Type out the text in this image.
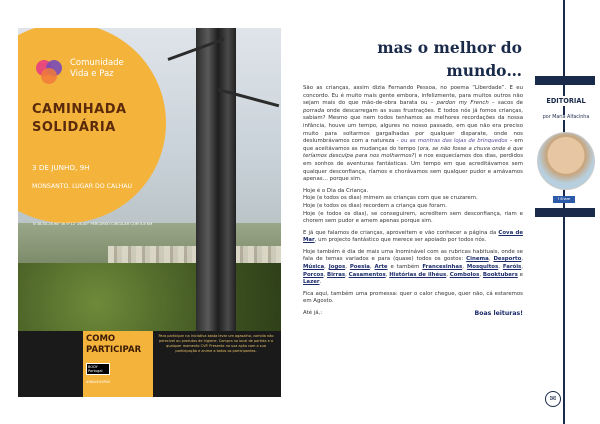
Comunidade
Vida e Paz
CAMINHADA
SOLIDÁRIA
3 DE JUNHO, 9H
MONSANTO. LUGAR DO CALHAU
N 38.44.26.98” W 9°12’ 26.40” PERCURSO CIRCULAR COM 5.8 KM
COMO
PARTICIPAR
BODY Portugal
#WALK4VPAZ
Para participar na iniciativa basta levar um agasalho, comida não perecível ou produtos de higiene. Compra no local de partida e a qualquer momento CVP. Presente na sua ação com a sua participação e anime a todos os participantes.
mas o melhor do
mundo…

São as crianças, assim dizia Fernando Pessoa, no poema “Liberdade”. E eu concordo. Eu é muito mais gente embora, infelizmente, para muitos outros não sejam mais do que mão-de-obra barata ou – pardon my French – sacos de porrada onde descarregam as suas frustrações. E todos nós já fomos crianças, sabiam? Mesmo que nem todos tenhamos as melhores recordações da nossa infância, houve um tempo, algures no nosso passado, em que não era preciso muito para soltarmos gargalhadas por qualquer disparate, onde nos deslumbrávamos com a natureza - ou as montras das lojas de brinquedos – em que aceitávamos as mudanças do tempo (ora, se não fosse a chuva onde é que teríamos desculpa para nos molharmos?) e nos esquecíamos dos dias, perdidos em sonhos de aventuras fantásticas. Um tempo em que acreditávamos sem qualquer desconfiança, ríamos e chorávamos sem qualquer pudor e amávamos apenas… porque sim.

Hoje é o Dia da Criança.
Hoje (e todos os dias) mimem as crianças com que se cruzarem.
Hoje (e todos os dias) recordem a criança que foram.
Hoje (e todos os dias), se conseguirem, acreditem sem desconfiança, riam e chorem sem pudor e amem apenas porque sim.

E já que falamos de crianças, aproveitem e vão conhecer a página da Cova de Mar, um projecto fantástico que merece ser apoiado por todos nós.

Hoje também é dia de mais uma Inominável com as rubricas habituais, onde se fala de temas variados e para (quase) todos os gostos: Cinema, Desporto, Música, Jogos, Poesia, Arte e também Francesinhas, Mosquitos, Faróis, Porcos, Birras, Casamentos, Histórias de ilhéus, Combolos, Booktubers e Lazer.

Fica aqui, também uma promessa: quer o calor chegue, quer não, cá estaremos em Agosto.

Até já,:	Boas leituras!
EDITORIAL
por Maria Alfacinha
f Share
✉
